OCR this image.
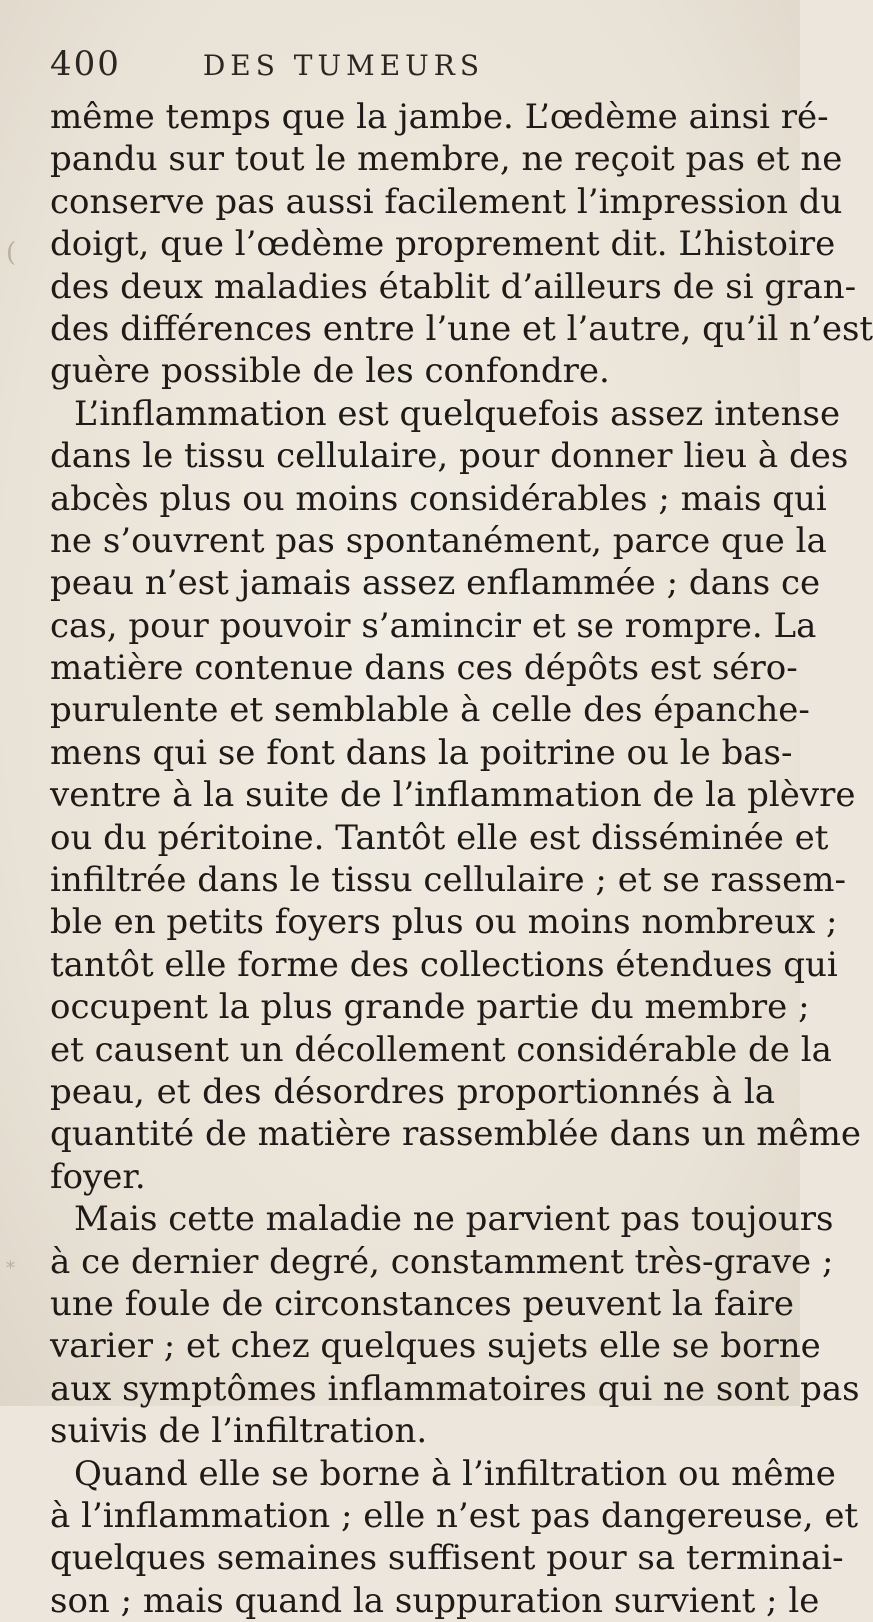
400	DES TUMEURS
(
*

même temps que la jambe. L’œdème ainsi ré-

pandu sur tout le membre, ne reçoit pas et ne

conserve pas aussi facilement l’impression du

doigt, que l’œdème proprement dit. L’histoire

des deux maladies établit d’ailleurs de si gran-

des différences entre l’une et l’autre, qu’il n’est

guère possible de les confondre.

L’inflammation est quelquefois assez intense

dans le tissu cellulaire, pour donner lieu à des

abcès plus ou moins considérables ; mais qui

ne s’ouvrent pas spontanément, parce que la

peau n’est jamais assez enflammée ; dans ce

cas, pour pouvoir s’amincir et se rompre. La

matière contenue dans ces dépôts est séro-

purulente et semblable à celle des épanche-

mens qui se font dans la poitrine ou le bas-

ventre à la suite de l’inflammation de la plèvre

ou du péritoine. Tantôt elle est disséminée et

infiltrée dans le tissu cellulaire ; et se rassem-

ble en petits foyers plus ou moins nombreux ;

tantôt elle forme des collections étendues qui

occupent la plus grande partie du membre ;

et causent un décollement considérable de la

peau, et des désordres proportionnés à la

quantité de matière rassemblée dans un même

foyer.

Mais cette maladie ne parvient pas toujours

à ce dernier degré, constamment très-grave ;

une foule de circonstances peuvent la faire

varier ; et chez quelques sujets elle se borne

aux symptômes inflammatoires qui ne sont pas

suivis de l’infiltration.

Quand elle se borne à l’infiltration ou même

à l’inflammation ; elle n’est pas dangereuse, et

quelques semaines suffisent pour sa terminai-

son ; mais quand la suppuration survient ; le
